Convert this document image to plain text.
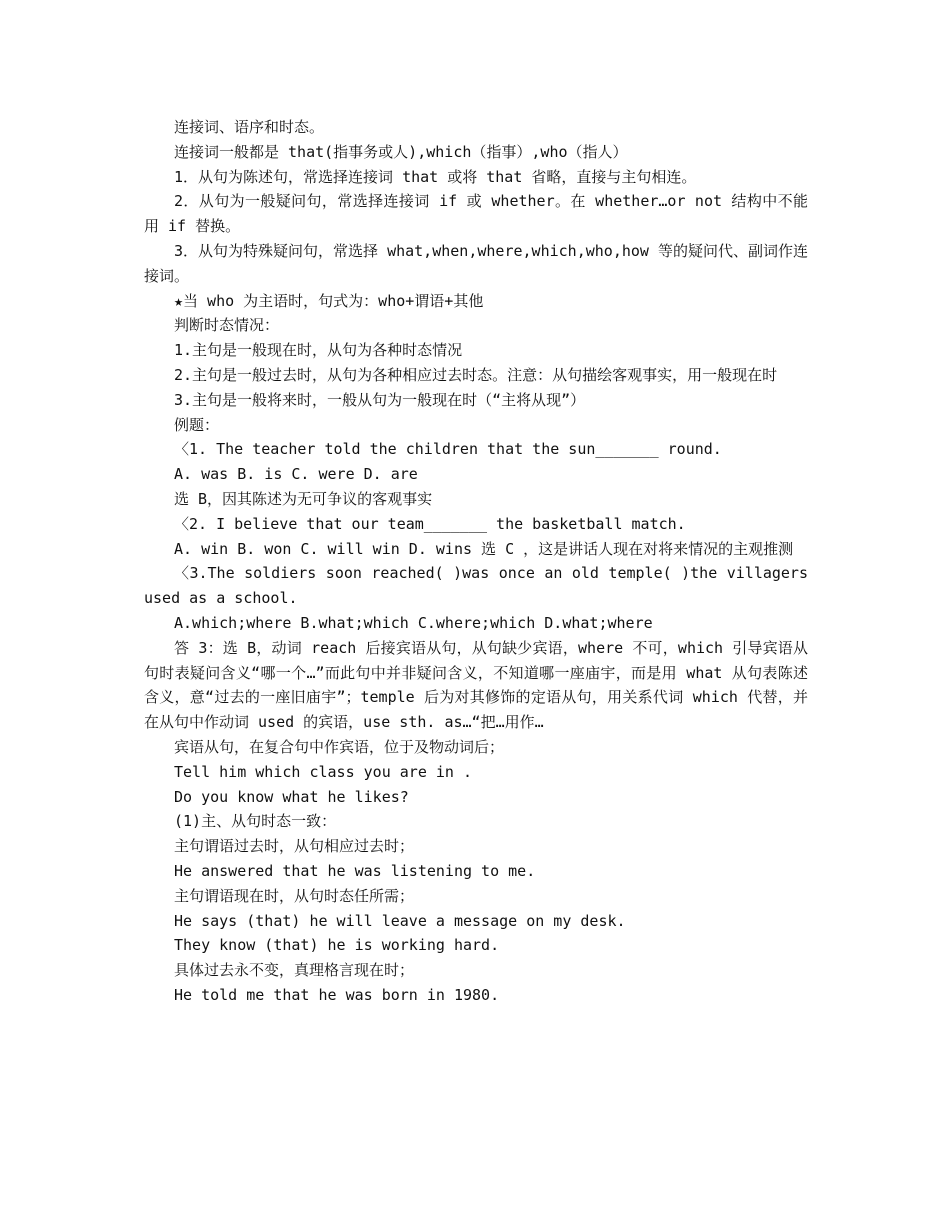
连接词、语序和时态。

连接词一般都是 that(指事务或人),which（指事）,who（指人）

1．从句为陈述句，常选择连接词 that 或将 that 省略，直接与主句相连。

2．从句为一般疑问句，常选择连接词 if 或 whether。在 whether…or not 结构中不能用 if 替换。

3．从句为特殊疑问句，常选择 what,when,where,which,who,how 等的疑问代、副词作连接词。

★当 who 为主语时，句式为：who+谓语+其他

判断时态情况：

1.主句是一般现在时，从句为各种时态情况

2.主句是一般过去时，从句为各种相应过去时态。注意：从句描绘客观事实，用一般现在时

3.主句是一般将来时，一般从句为一般现在时（“主将从现”）

例题：

〈1. The teacher told the children that the sun_______ round.

A. was B. is C. were D. are

选 B，因其陈述为无可争议的客观事实

〈2. I believe that our team_______ the basketball match.

A. win B. won C. will win D. wins 选 C ，这是讲话人现在对将来情况的主观推测

〈3.The soldiers soon reached( )was once an old temple( )the villagers used as a school.

A.which;where B.what;which C.where;which D.what;where

答 3：选 B，动词 reach 后接宾语从句，从句缺少宾语，where 不可，which 引导宾语从句时表疑问含义“哪一个…”而此句中并非疑问含义，不知道哪一座庙宇，而是用 what 从句表陈述含义，意“过去的一座旧庙宇”；temple 后为对其修饰的定语从句，用关系代词 which 代替，并在从句中作动词 used 的宾语，use sth. as…“把…用作…

宾语从句，在复合句中作宾语，位于及物动词后；

Tell him which class you are in .

Do you know what he likes?

(1)主、从句时态一致：

主句谓语过去时，从句相应过去时；

He answered that he was listening to me.

主句谓语现在时，从句时态任所需；

He says (that) he will leave a message on my desk.

They know (that) he is working hard.

具体过去永不变，真理格言现在时；

He told me that he was born in 1980.
